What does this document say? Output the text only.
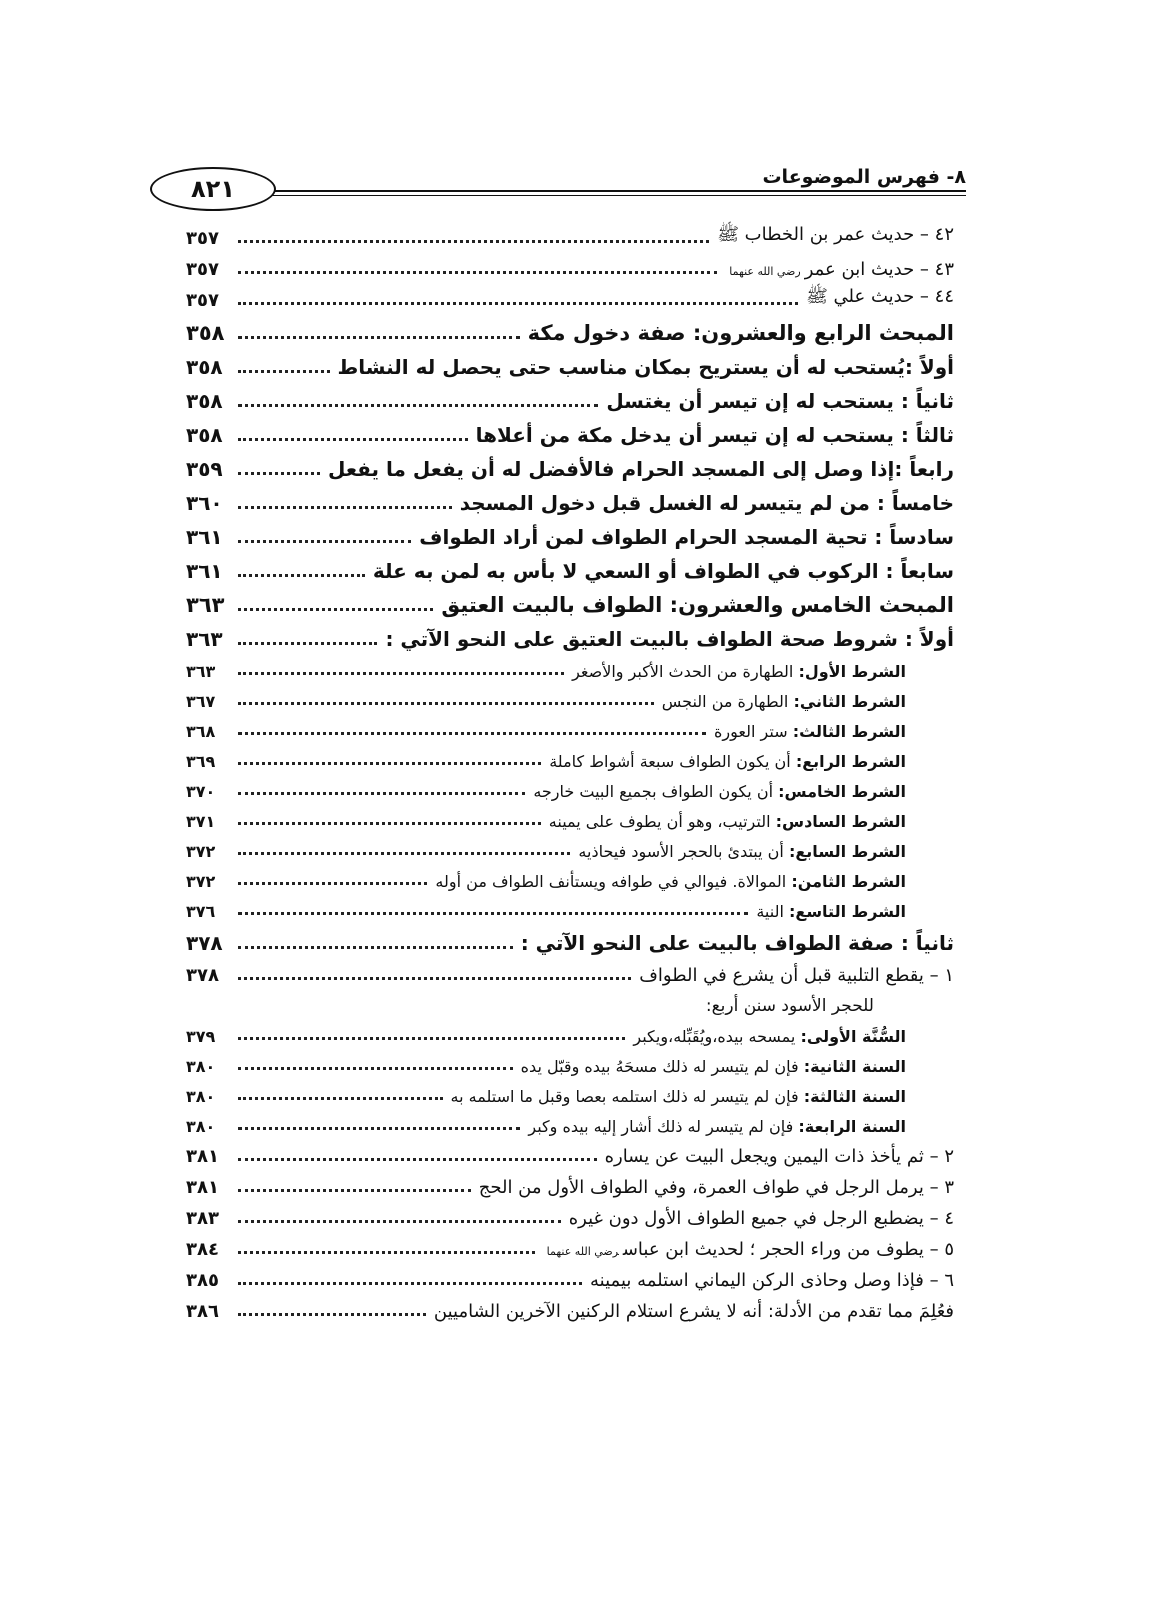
٨- فهرس الموضوعات
٨٢١
٤٢ – حديث عمر بن الخطاب ﷺ
٣٥٧
٤٣ – حديث ابن عمررضي الله عنهما
٣٥٧
٤٤ – حديث علي ﷺ
٣٥٧
المبحث الرابع والعشرون: صفة دخول مكة
٣٥٨
أولاً :يُستحب له أن يستريح بمكان مناسب حتى يحصل له النشاط
٣٥٨
ثانياً : يستحب له إن تيسر أن يغتسل
٣٥٨
ثالثاً : يستحب له إن تيسر أن يدخل مكة من أعلاها
٣٥٨
رابعاً :إذا وصل إلى المسجد الحرام فالأفضل له أن يفعل ما يفعل
٣٥٩
خامساً : من لم يتيسر له الغسل قبل دخول المسجد
٣٦٠
سادساً : تحية المسجد الحرام الطواف لمن أراد الطواف
٣٦١
سابعاً : الركوب في الطواف أو السعي لا بأس به لمن به علة
٣٦١
المبحث الخامس والعشرون: الطواف بالبيت العتيق
٣٦٣
أولاً : شروط صحة الطواف بالبيت العتيق على النحو الآتي :
٣٦٣
الشرط الأول: الطهارة من الحدث الأكبر والأصغر
٣٦٣
الشرط الثاني: الطهارة من النجس
٣٦٧
الشرط الثالث: ستر العورة
٣٦٨
الشرط الرابع: أن يكون الطواف سبعة أشواط كاملة
٣٦٩
الشرط الخامس: أن يكون الطواف بجميع البيت خارجه
٣٧٠
الشرط السادس: الترتيب، وهو أن يطوف على يمينه
٣٧١
الشرط السابع: أن يبتدئ بالحجر الأسود فيحاذيه
٣٧٢
الشرط الثامن: الموالاة. فيوالي في طوافه ويستأنف الطواف من أوله
٣٧٢
الشرط التاسع: النية
٣٧٦
ثانياً : صفة الطواف بالبيت على النحو الآتي :
٣٧٨
١ – يقطع التلبية قبل أن يشرع في الطواف
٣٧٨
للحجر الأسود سنن أربع:
السُّنَّة الأولى: يمسحه بيده،ويُقَبِّله،ويكبر
٣٧٩
السنة الثانية: فإن لم يتيسر له ذلك مسحَهُ بيده وقبّل يده
٣٨٠
السنة الثالثة: فإن لم يتيسر له ذلك استلمه بعصا وقبل ما استلمه به
٣٨٠
السنة الرابعة: فإن لم يتيسر له ذلك أشار إليه بيده وكبر
٣٨٠
٢ – ثم يأخذ ذات اليمين ويجعل البيت عن يساره
٣٨١
٣ – يرمل الرجل في طواف العمرة، وفي الطواف الأول من الحج
٣٨١
٤ – يضطبع الرجل في جميع الطواف الأول دون غيره
٣٨٣
٥ – يطوف من وراء الحجر ؛ لحديث ابن عباسرضي الله عنهما
٣٨٤
٦ – فإذا وصل وحاذى الركن اليماني استلمه بيمينه
٣٨٥
فعُلِمَ مما تقدم من الأدلة: أنه لا يشرع استلام الركنين الآخرين الشاميين
٣٨٦
